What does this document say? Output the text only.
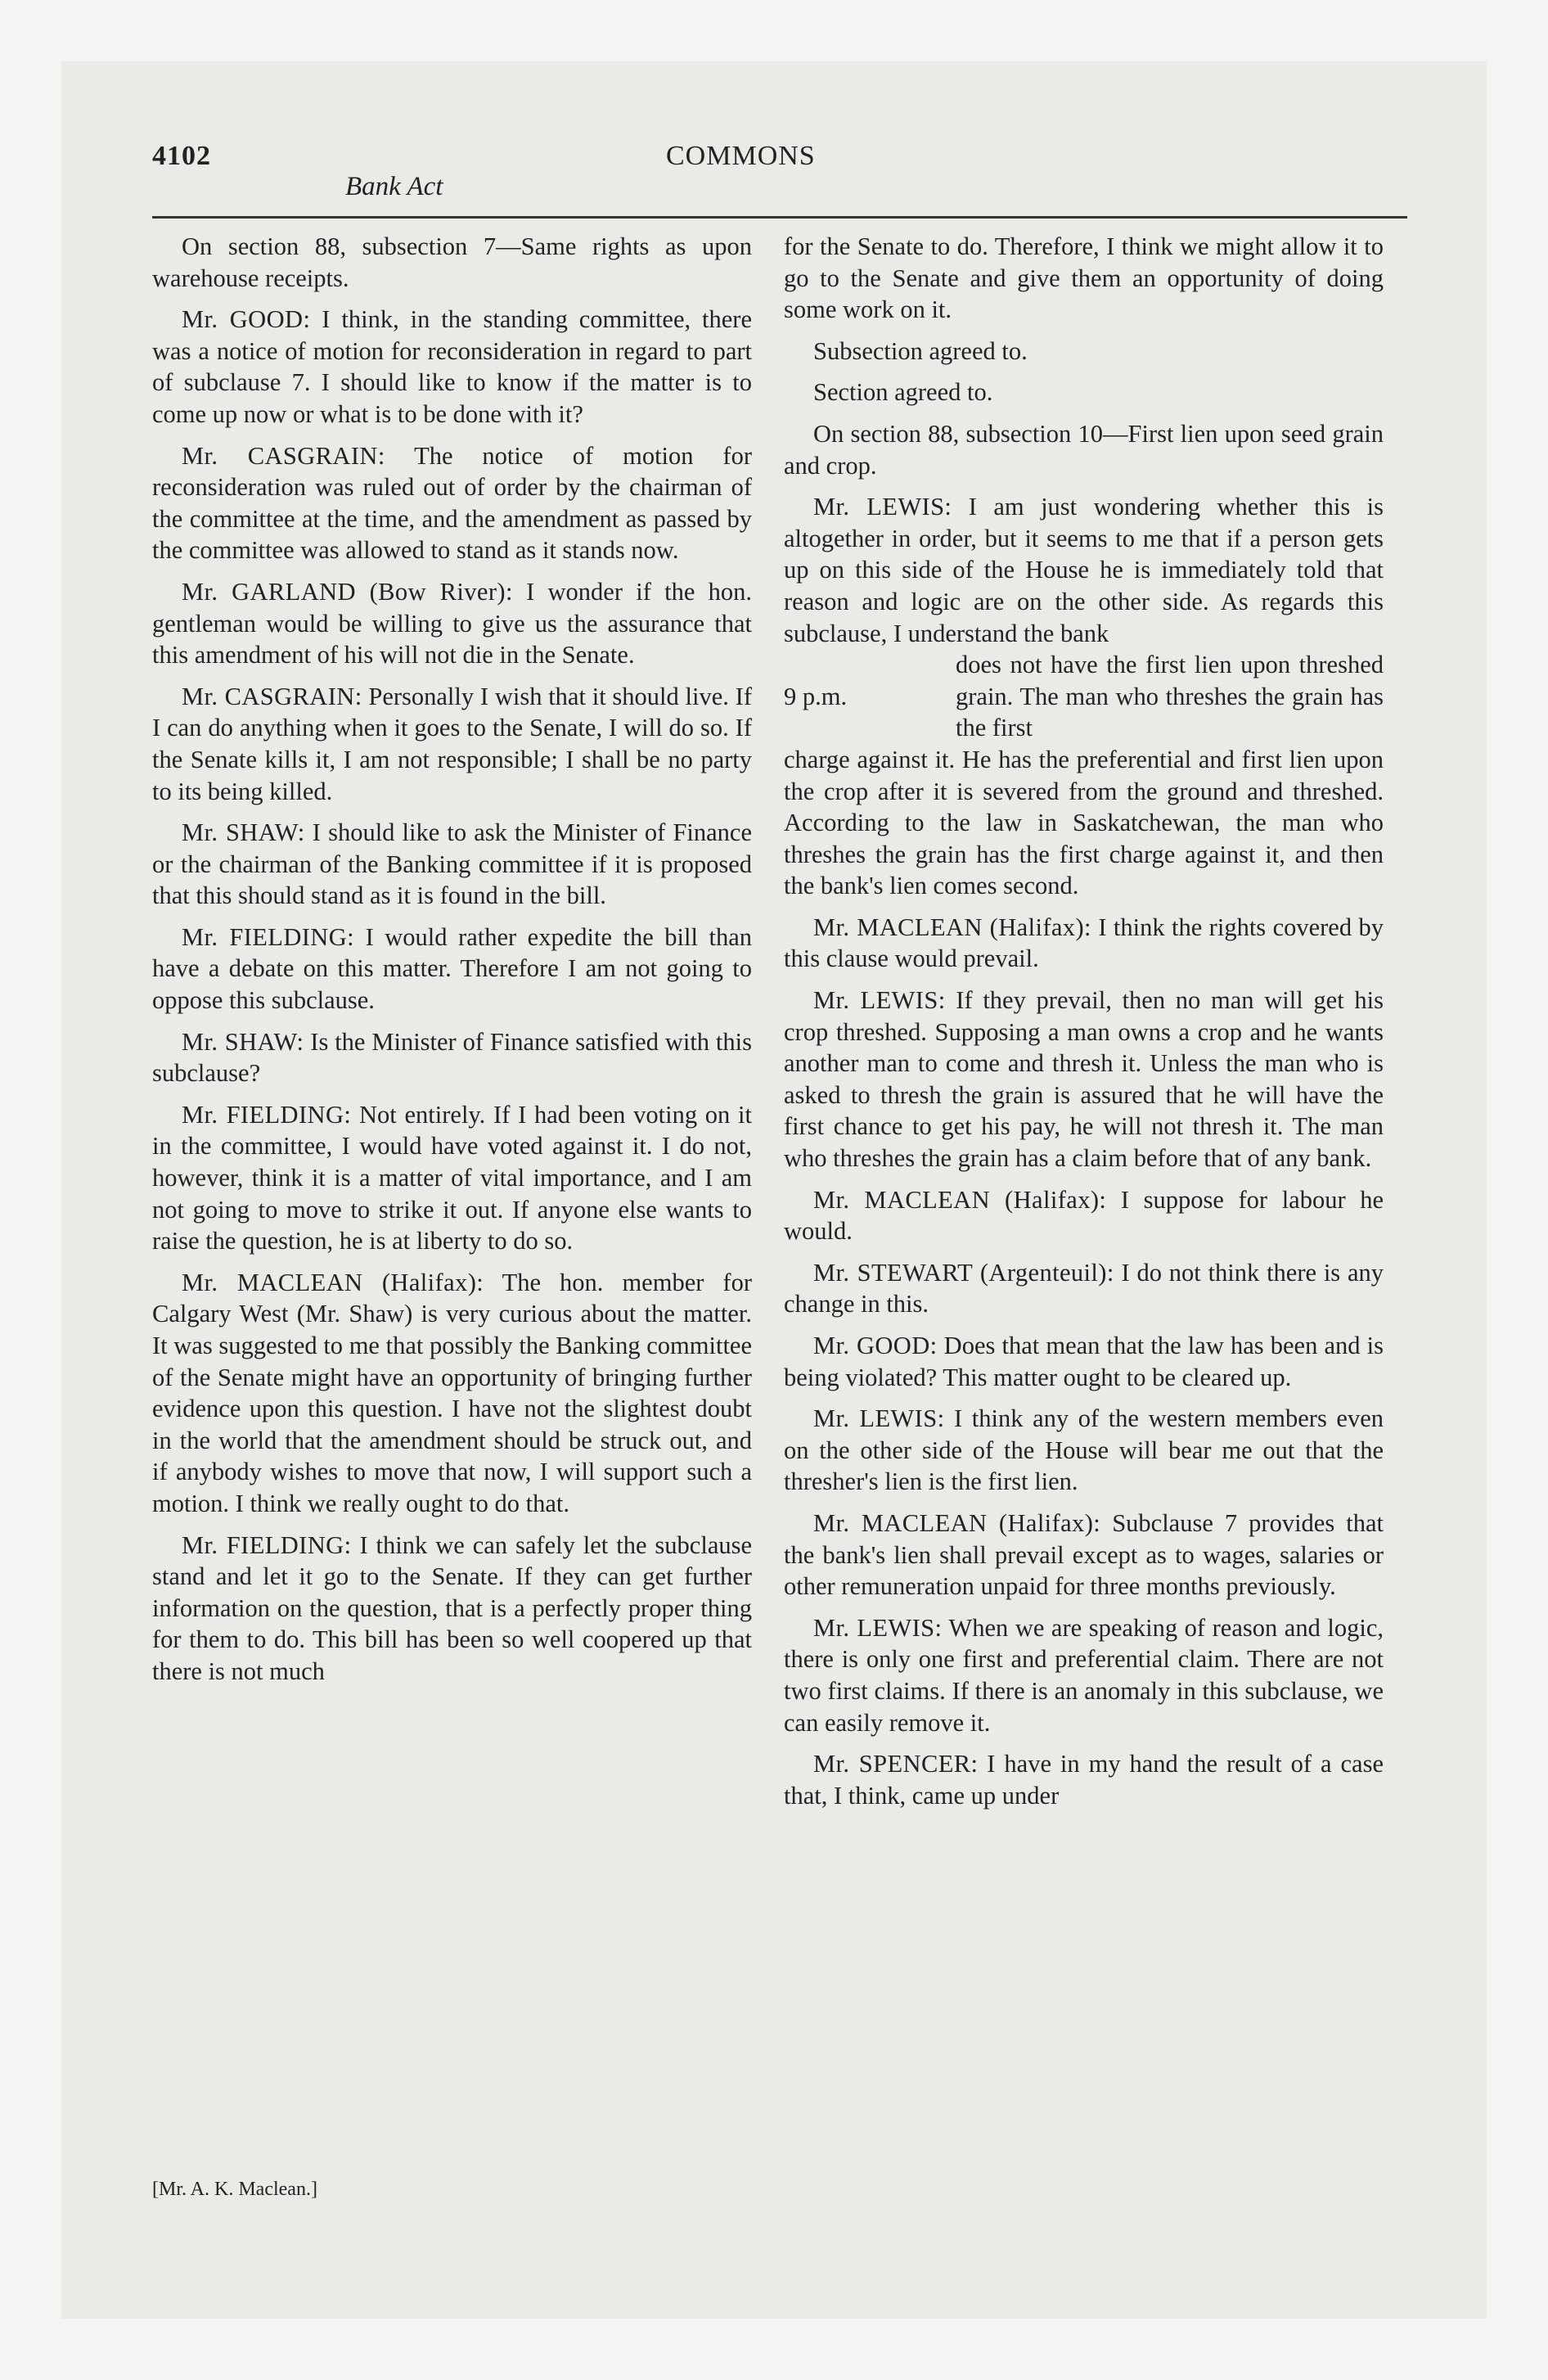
4102	COMMONS
Bank Act

On section 88, subsection 7—Same rights as upon warehouse receipts.

Mr. GOOD: I think, in the standing committee, there was a notice of motion for reconsideration in regard to part of subclause 7. I should like to know if the matter is to come up now or what is to be done with it?

Mr. CASGRAIN: The notice of motion for reconsideration was ruled out of order by the chairman of the committee at the time, and the amendment as passed by the committee was allowed to stand as it stands now.

Mr. GARLAND (Bow River): I wonder if the hon. gentleman would be willing to give us the assurance that this amendment of his will not die in the Senate.

Mr. CASGRAIN: Personally I wish that it should live. If I can do anything when it goes to the Senate, I will do so. If the Senate kills it, I am not responsible; I shall be no party to its being killed.

Mr. SHAW: I should like to ask the Minister of Finance or the chairman of the Banking committee if it is proposed that this should stand as it is found in the bill.

Mr. FIELDING: I would rather expedite the bill than have a debate on this matter. Therefore I am not going to oppose this subclause.

Mr. SHAW: Is the Minister of Finance satisfied with this subclause?

Mr. FIELDING: Not entirely. If I had been voting on it in the committee, I would have voted against it. I do not, however, think it is a matter of vital importance, and I am not going to move to strike it out. If anyone else wants to raise the question, he is at liberty to do so.

Mr. MACLEAN (Halifax): The hon. member for Calgary West (Mr. Shaw) is very curious about the matter. It was suggested to me that possibly the Banking committee of the Senate might have an opportunity of bringing further evidence upon this question. I have not the slightest doubt in the world that the amendment should be struck out, and if anybody wishes to move that now, I will support such a motion. I think we really ought to do that.

Mr. FIELDING: I think we can safely let the subclause stand and let it go to the Senate. If they can get further information on the question, that is a perfectly proper thing for them to do. This bill has been so well coopered up that there is not much

for the Senate to do. Therefore, I think we might allow it to go to the Senate and give them an opportunity of doing some work on it.

Subsection agreed to.

Section agreed to.

On section 88, subsection 10—First lien upon seed grain and crop.

Mr. LEWIS: I am just wondering whether this is altogether in order, but it seems to me that if a person gets up on this side of the House he is immediately told that reason and logic are on the other side. As regards this subclause, I understand the bank

9 p.m.
does not have the first lien upon threshed grain. The man who threshes the grain has the first

charge against it. He has the preferential and first lien upon the crop after it is severed from the ground and threshed. According to the law in Saskatchewan, the man who threshes the grain has the first charge against it, and then the bank's lien comes second.

Mr. MACLEAN (Halifax): I think the rights covered by this clause would prevail.

Mr. LEWIS: If they prevail, then no man will get his crop threshed. Supposing a man owns a crop and he wants another man to come and thresh it. Unless the man who is asked to thresh the grain is assured that he will have the first chance to get his pay, he will not thresh it. The man who threshes the grain has a claim before that of any bank.

Mr. MACLEAN (Halifax): I suppose for labour he would.

Mr. STEWART (Argenteuil): I do not think there is any change in this.

Mr. GOOD: Does that mean that the law has been and is being violated? This matter ought to be cleared up.

Mr. LEWIS: I think any of the western members even on the other side of the House will bear me out that the thresher's lien is the first lien.

Mr. MACLEAN (Halifax): Subclause 7 provides that the bank's lien shall prevail except as to wages, salaries or other remuneration unpaid for three months previously.

Mr. LEWIS: When we are speaking of reason and logic, there is only one first and preferential claim. There are not two first claims. If there is an anomaly in this subclause, we can easily remove it.

Mr. SPENCER: I have in my hand the result of a case that, I think, came up under

[Mr. A. K. Maclean.]
